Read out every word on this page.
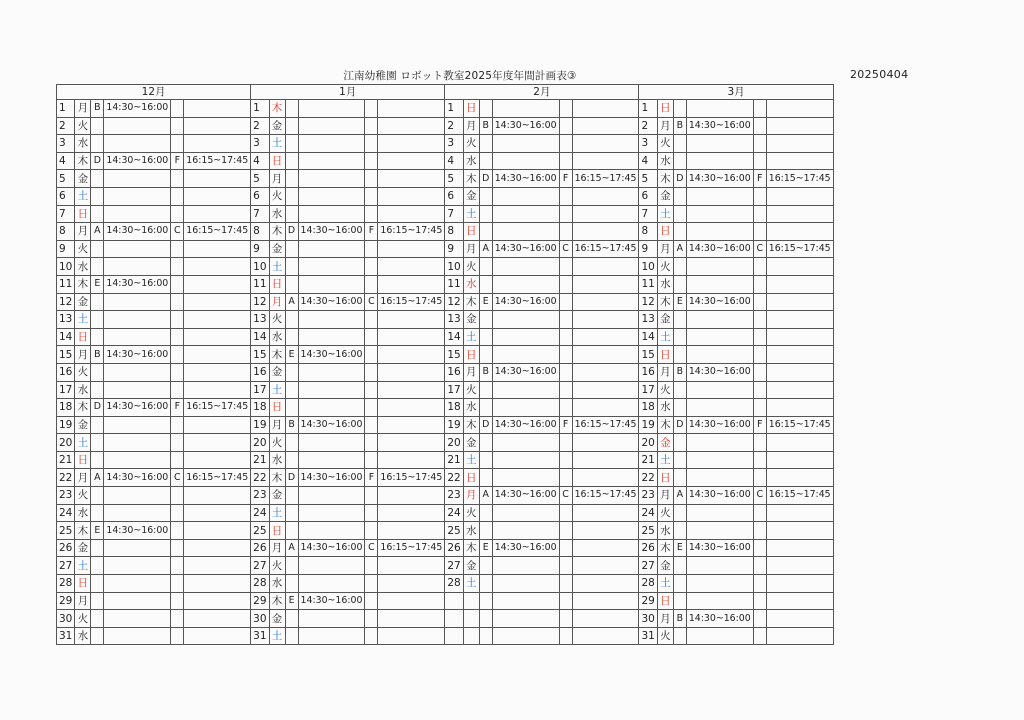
江南幼稚園 ロボット教室2025年度年間計画表③	20250404
12月						1月						2月						3月					
1	月	B	14:30~16:00			1	木					1	日					1	日				
2	火					2	金					2	月	B	14:30~16:00			2	月	B	14:30~16:00		
3	水					3	土					3	火					3	火				
4	木	D	14:30~16:00	F	16:15~17:45	4	日					4	水					4	水				
5	金					5	月					5	木	D	14:30~16:00	F	16:15~17:45	5	木	D	14:30~16:00	F	16:15~17:45
6	土					6	火					6	金					6	金				
7	日					7	水					7	土					7	土				
8	月	A	14:30~16:00	C	16:15~17:45	8	木	D	14:30~16:00	F	16:15~17:45	8	日					8	日				
9	火					9	金					9	月	A	14:30~16:00	C	16:15~17:45	9	月	A	14:30~16:00	C	16:15~17:45
10	水					10	土					10	火					10	火				
11	木	E	14:30~16:00			11	日					11	水					11	水				
12	金					12	月	A	14:30~16:00	C	16:15~17:45	12	木	E	14:30~16:00			12	木	E	14:30~16:00		
13	土					13	火					13	金					13	金				
14	日					14	水					14	土					14	土				
15	月	B	14:30~16:00			15	木	E	14:30~16:00			15	日					15	日				
16	火					16	金					16	月	B	14:30~16:00			16	月	B	14:30~16:00		
17	水					17	土					17	火					17	火				
18	木	D	14:30~16:00	F	16:15~17:45	18	日					18	水					18	水				
19	金					19	月	B	14:30~16:00			19	木	D	14:30~16:00	F	16:15~17:45	19	木	D	14:30~16:00	F	16:15~17:45
20	土					20	火					20	金					20	金				
21	日					21	水					21	土					21	土				
22	月	A	14:30~16:00	C	16:15~17:45	22	木	D	14:30~16:00	F	16:15~17:45	22	日					22	日				
23	火					23	金					23	月	A	14:30~16:00	C	16:15~17:45	23	月	A	14:30~16:00	C	16:15~17:45
24	水					24	土					24	火					24	火				
25	木	E	14:30~16:00			25	日					25	水					25	水				
26	金					26	月	A	14:30~16:00	C	16:15~17:45	26	木	E	14:30~16:00			26	木	E	14:30~16:00		
27	土					27	火					27	金					27	金				
28	日					28	水					28	土					28	土				
29	月					29	木	E	14:30~16:00									29	日				
30	火					30	金											30	月	B	14:30~16:00		
31	水					31	土											31	火				
